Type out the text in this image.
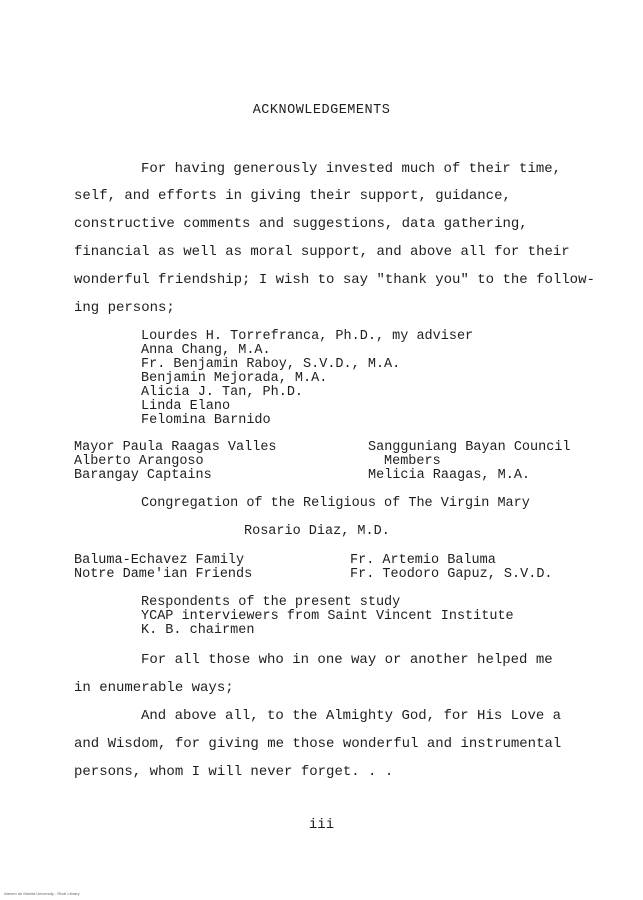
ACKNOWLEDGEMENTS
For having generously invested much of their time,
self, and efforts in giving their support, guidance,
constructive comments and suggestions, data gathering,
financial as well as moral support, and above all for their
wonderful friendship; I wish to say "thank you" to the follow-
ing persons;
Lourdes H. Torrefranca, Ph.D., my adviser
Anna Chang, M.A.
Fr. Benjamin Raboy, S.V.D., M.A.
Benjamin Mejorada, M.A.
Alicia J. Tan, Ph.D.
Linda Elano
Felomina Barnido
Mayor Paula Raagas Valles
Alberto Arangoso
Barangay Captains
Sangguniang Bayan Council
Members
Melicia Raagas, M.A.
Congregation of the Religious of The Virgin Mary
Rosario Diaz, M.D.
Baluma-Echavez Family
Notre Dame'ian Friends
Fr. Artemio Baluma
Fr. Teodoro Gapuz, S.V.D.
Respondents of the present study
YCAP interviewers from Saint Vincent Institute
K. B. chairmen
For all those who in one way or another helped me
in enumerable ways;
And above all, to the Almighty God, for His Love a
and Wisdom, for giving me those wonderful and instrumental
persons, whom I will never forget. . .
iii
Ateneo de Manila University - Rizal Library
